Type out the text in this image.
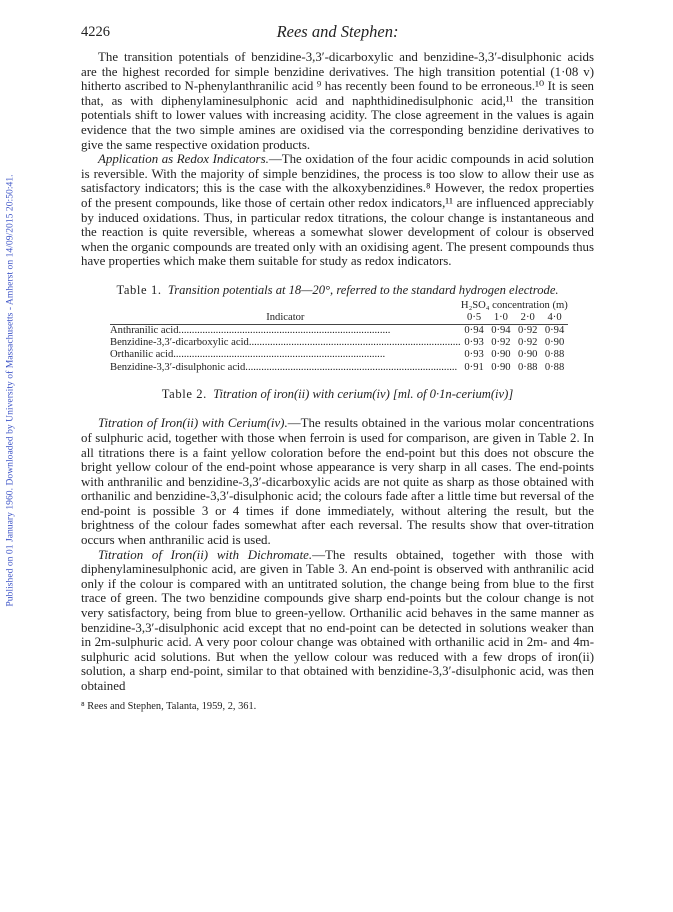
Published on 01 January 1960. Downloaded by University of Massachusetts - Amherst on 14/09/2015 20:50:41.
4226	Rees and Stephen:

The transition potentials of benzidine-3,3′-dicarboxylic and benzidine-3,3′-disulphonic acids are the highest recorded for simple benzidine derivatives. The high transition potential (1·08 v) hitherto ascribed to N-phenylanthranilic acid ⁹ has recently been found to be erroneous.¹⁰ It is seen that, as with diphenylaminesulphonic acid and naphthidinedisulphonic acid,¹¹ the transition potentials shift to lower values with increasing acidity. The close agreement in the values is again evidence that the two simple amines are oxidised via the corresponding benzidine derivatives to give the same respective oxidation products.

Application as Redox Indicators.—The oxidation of the four acidic compounds in acid solution is reversible. With the majority of simple benzidines, the process is too slow to allow their use as satisfactory indicators; this is the case with the alkoxybenzidines.⁸ However, the redox properties of the present compounds, like those of certain other redox indicators,¹¹ are influenced appreciably by induced oxidations. Thus, in particular redox titrations, the colour change is instantaneous and the reaction is quite reversible, whereas a somewhat slower development of colour is observed when the organic compounds are treated only with an oxidising agent. The present compounds thus have properties which make them suitable for study as redox indicators.

Table 1. Transition potentials at 18—20°, referred to the standard hydrogen electrode.

	H₂SO₄ concentration (m)			
Indicator	0·5	1·0	2·0	4·0
Anthranilic acid................................................................................	0·94	0·94	0·92	0·94
Benzidine-3,3′-dicarboxylic acid................................................................................	0·93	0·92	0·92	0·90
Orthanilic acid................................................................................	0·93	0·90	0·90	0·88
Benzidine-3,3′-disulphonic acid................................................................................	0·91	0·90	0·88	0·88

Table 2. Titration of iron(ii) with cerium(iv) [ml. of 0·1n-cerium(iv)]

Titration of Iron(ii) with Cerium(iv).—The results obtained in the various molar concentrations of sulphuric acid, together with those when ferroin is used for comparison, are given in Table 2. In all titrations there is a faint yellow coloration before the end-point but this does not obscure the bright yellow colour of the end-point whose appearance is very sharp in all cases. The end-points with anthranilic and benzidine-3,3′-dicarboxylic acids are not quite as sharp as those obtained with orthanilic and benzidine-3,3′-disulphonic acid; the colours fade after a little time but reversal of the end-point is possible 3 or 4 times if done immediately, without altering the result, but the brightness of the colour fades somewhat after each reversal. The results show that over-titration occurs when anthranilic acid is used.

Titration of Iron(ii) with Dichromate.—The results obtained, together with those with diphenylaminesulphonic acid, are given in Table 3. An end-point is observed with anthranilic acid only if the colour is compared with an untitrated solution, the change being from blue to the first trace of green. The two benzidine compounds give sharp end-points but the colour change is not very satisfactory, being from blue to green-yellow. Orthanilic acid behaves in the same manner as benzidine-3,3′-disulphonic acid except that no end-point can be detected in solutions weaker than in 2m-sulphuric acid. A very poor colour change was obtained with orthanilic acid in 2m- and 4m-sulphuric acid solutions. But when the yellow colour was reduced with a few drops of iron(ii) solution, a sharp end-point, similar to that obtained with benzidine-3,3′-disulphonic acid, was then obtained

⁸ Rees and Stephen, Talanta, 1959, 2, 361.
